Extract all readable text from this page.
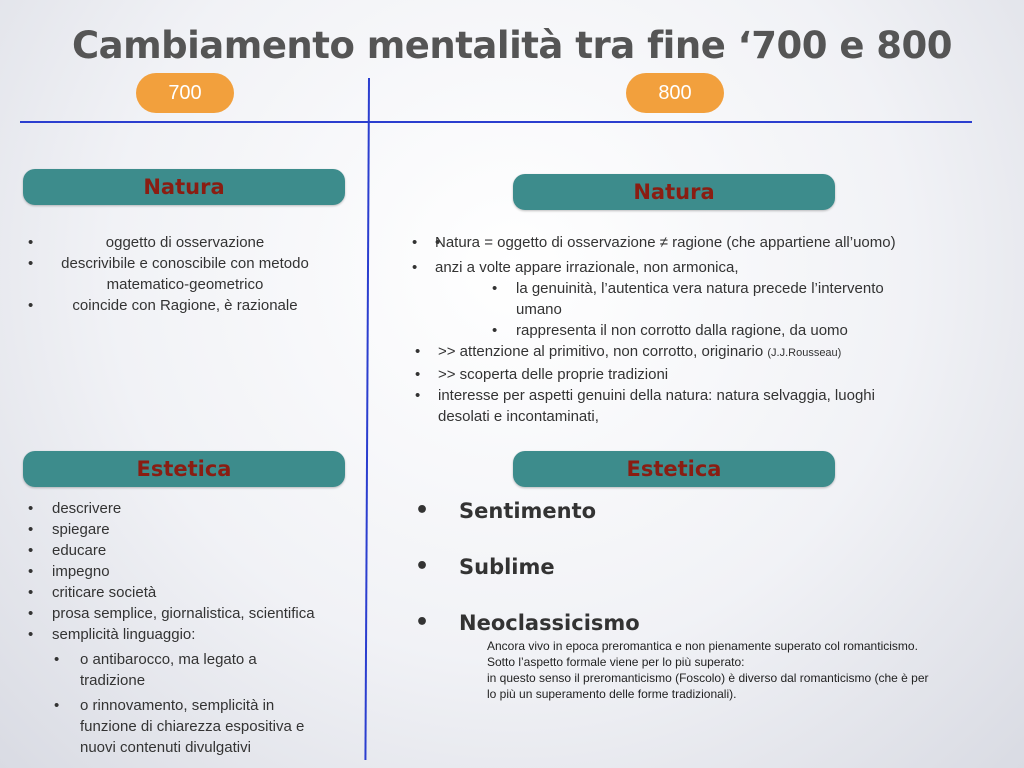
Cambiamento mentalità tra fine ‘700 e 800
700	800
Natura
• oggetto di osservazione
• descrivibile e conoscibile con metodo
matematico-geometrico
• coincide con Ragione, è razionale
Natura
• • Natura = oggetto di osservazione ≠ ragione (che appartiene all’uomo)
• anzi a volte appare irrazionale, non armonica,
• la genuinità, l’autentica vera natura precede l’intervento
umano
• rappresenta il non corrotto dalla ragione, da uomo
• >> attenzione al primitivo, non corrotto, originario (J.J.Rousseau)
• >> scoperta delle proprie tradizioni
• interesse per aspetti genuini della natura: natura selvaggia, luoghi
desolati e incontaminati,
Estetica
• descrivere
• spiegare
• educare
• impegno
• criticare società
• prosa semplice, giornalistica, scientifica
• semplicità linguaggio:
• o antibarocco, ma legato a
tradizione
• o rinnovamento, semplicità in
funzione di chiarezza espositiva e
nuovi contenuti divulgativi
Estetica
• Sentimento
• Sublime
• Neoclassicismo
Ancora vivo in epoca preromantica e non pienamente superato col romanticismo.
Sotto l’aspetto formale viene per lo più superato:
in questo senso il preromanticismo (Foscolo) è diverso dal romanticismo (che è per
lo più un superamento delle forme tradizionali).
